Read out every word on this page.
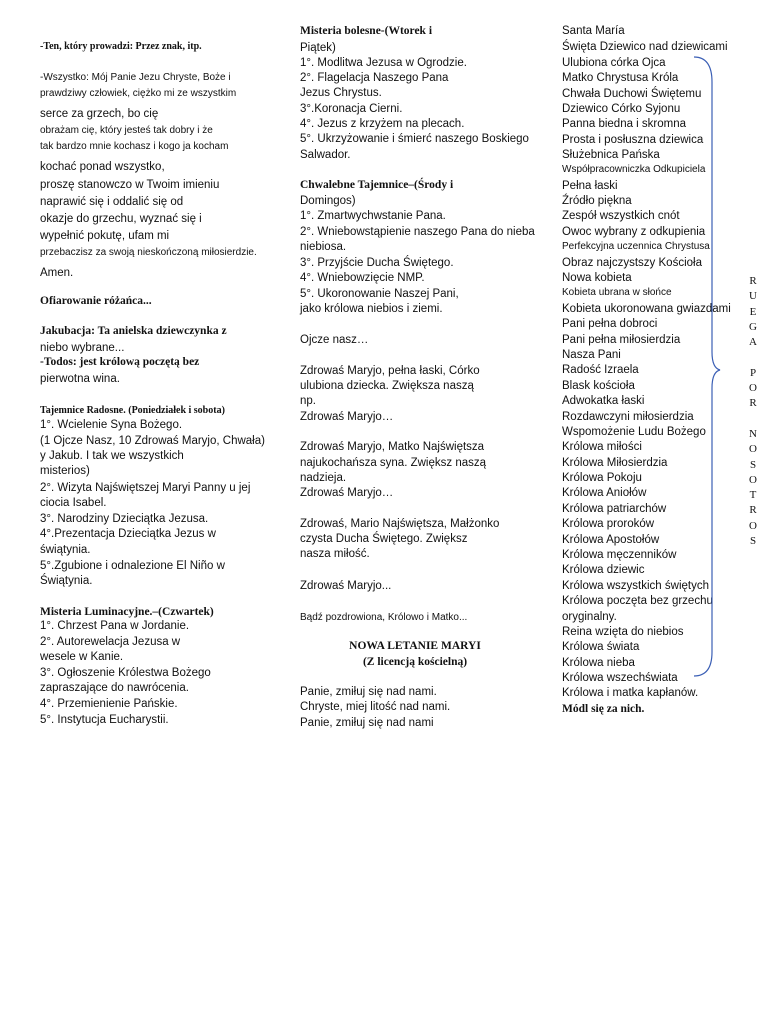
-Ten, który prowadzi: Przez znak, itp.
-Wszystko: Mój Panie Jezu Chryste, Boże i
prawdziwy człowiek, ciężko mi ze wszystkim
serce za grzech, bo cię
obrażam cię, który jesteś tak dobry i że
tak bardzo mnie kochasz i kogo ja kocham
kochać ponad wszystko,
proszę stanowczo w Twoim imieniu
naprawić się i oddalić się od
okazje do grzechu, wyznać się i
wypełnić pokutę, ufam mi
przebaczisz za swoją nieskończoną miłosierdzie.
Amen.
Ofiarowanie różańca...
Jakubacja: Ta anielska dziewczynka z
niebo wybrane...
-Todos: jest królową poczętą bez
pierwotna wina.
Tajemnice Radosne. (Poniedziałek i sobota)
1°. Wcielenie Syna Bożego.
(1 Ojcze Nasz, 10 Zdrowaś Maryjo, Chwała)
y Jakub. I tak we wszystkich
misterios)
2°. Wizyta Najświętszej Maryi Panny u jej
ciocia Isabel.
3°. Narodziny Dzieciątka Jezusa.
4°.Prezentacja Dzieciątka Jezus w
świątynia.
5°.Zgubione i odnalezione El Niño w
Świątynia.
Misteria Luminacyjne.–(Czwartek)
1°. Chrzest Pana w Jordanie.
2°. Autorewelacja Jezusa w
wesele w Kanie.
3°. Ogłoszenie Królestwa Bożego
zapraszające do nawrócenia.
4°. Przemienienie Pańskie.
5°. Instytucja Eucharystii.
Misteria bolesne-(Wtorek i
Piątek)
1°. Modlitwa Jezusa w Ogrodzie.
2°. Flagelacja Naszego Pana
Jezus Chrystus.
3°.Koronacja Cierni.
4°. Jezus z krzyżem na plecach.
5°. Ukrzyżowanie i śmierć naszego Boskiego
Salwador.
Chwalebne Tajemnice–(Środy i
Domingos)
1°. Zmartwychwstanie Pana.
2°. Wniebowstąpienie naszego Pana do nieba
niebiosa.
3°. Przyjście Ducha Świętego.
4°. Wniebowzięcie NMP.
5°. Ukoronowanie Naszej Pani,
jako królowa niebios i ziemi.
Ojcze nasz…
Zdrowaś Maryjo, pełna łaski, Córko
ulubiona dziecka. Zwiększa naszą
np.
Zdrowaś Maryjo…
Zdrowaś Maryjo, Matko Najświętsza
najukochańsza syna. Zwiększ naszą
nadzieja.
Zdrowaś Maryjo…
Zdrowaś, Mario Najświętsza, Małżonko
czysta Ducha Świętego. Zwiększ
nasza miłość.
Zdrowaś Maryjo...
Bądź pozdrowiona, Królowo i Matko...
NOWA LETANIE MARYI
(Z licencją kościelną)
Panie, zmiłuj się nad nami.
Chryste, miej litość nad nami.
Panie, zmiłuj się nad nami
Santa María
Święta Dziewico nad dziewicami
Ulubiona córka Ojca
Matko Chrystusa Króla
Chwała Duchowi Świętemu
Dziewico Córko Syjonu
Panna biedna i skromna
Prosta i posłuszna dziewica
Służebnica Pańska
Współpracowniczka Odkupiciela
Pełna łaski
Źródło piękna
Zespół wszystkich cnót
Owoc wybrany z odkupienia
Perfekcyjna uczennica Chrystusa
Obraz najczystszy Kościoła
Nowa kobieta
Kobieta ubrana w słońce
Kobieta ukoronowana gwiazdami
Pani pełna dobroci
Pani pełna miłosierdzia
Nasza Pani
Radość Izraela
Blask kościoła
Adwokatka łaski
Rozdawczyni miłosierdzia
Wspomożenie Ludu Bożego
Królowa miłości
Królowa Miłosierdzia
Królowa Pokoju
Królowa Aniołów
Królowa patriarchów
Królowa proroków
Królowa Apostołów
Królowa męczenników
Królowa dziewic
Królowa wszystkich świętych
Królowa poczęta bez grzechu
oryginalny.
Reina wzięta do niebios
Królowa świata
Królowa nieba
Królowa wszechświata
Królowa i matka kapłanów.
Módl się za nich.
R
U
E
G
A
P
O
R
N
O
S
O
T
R
O
S
